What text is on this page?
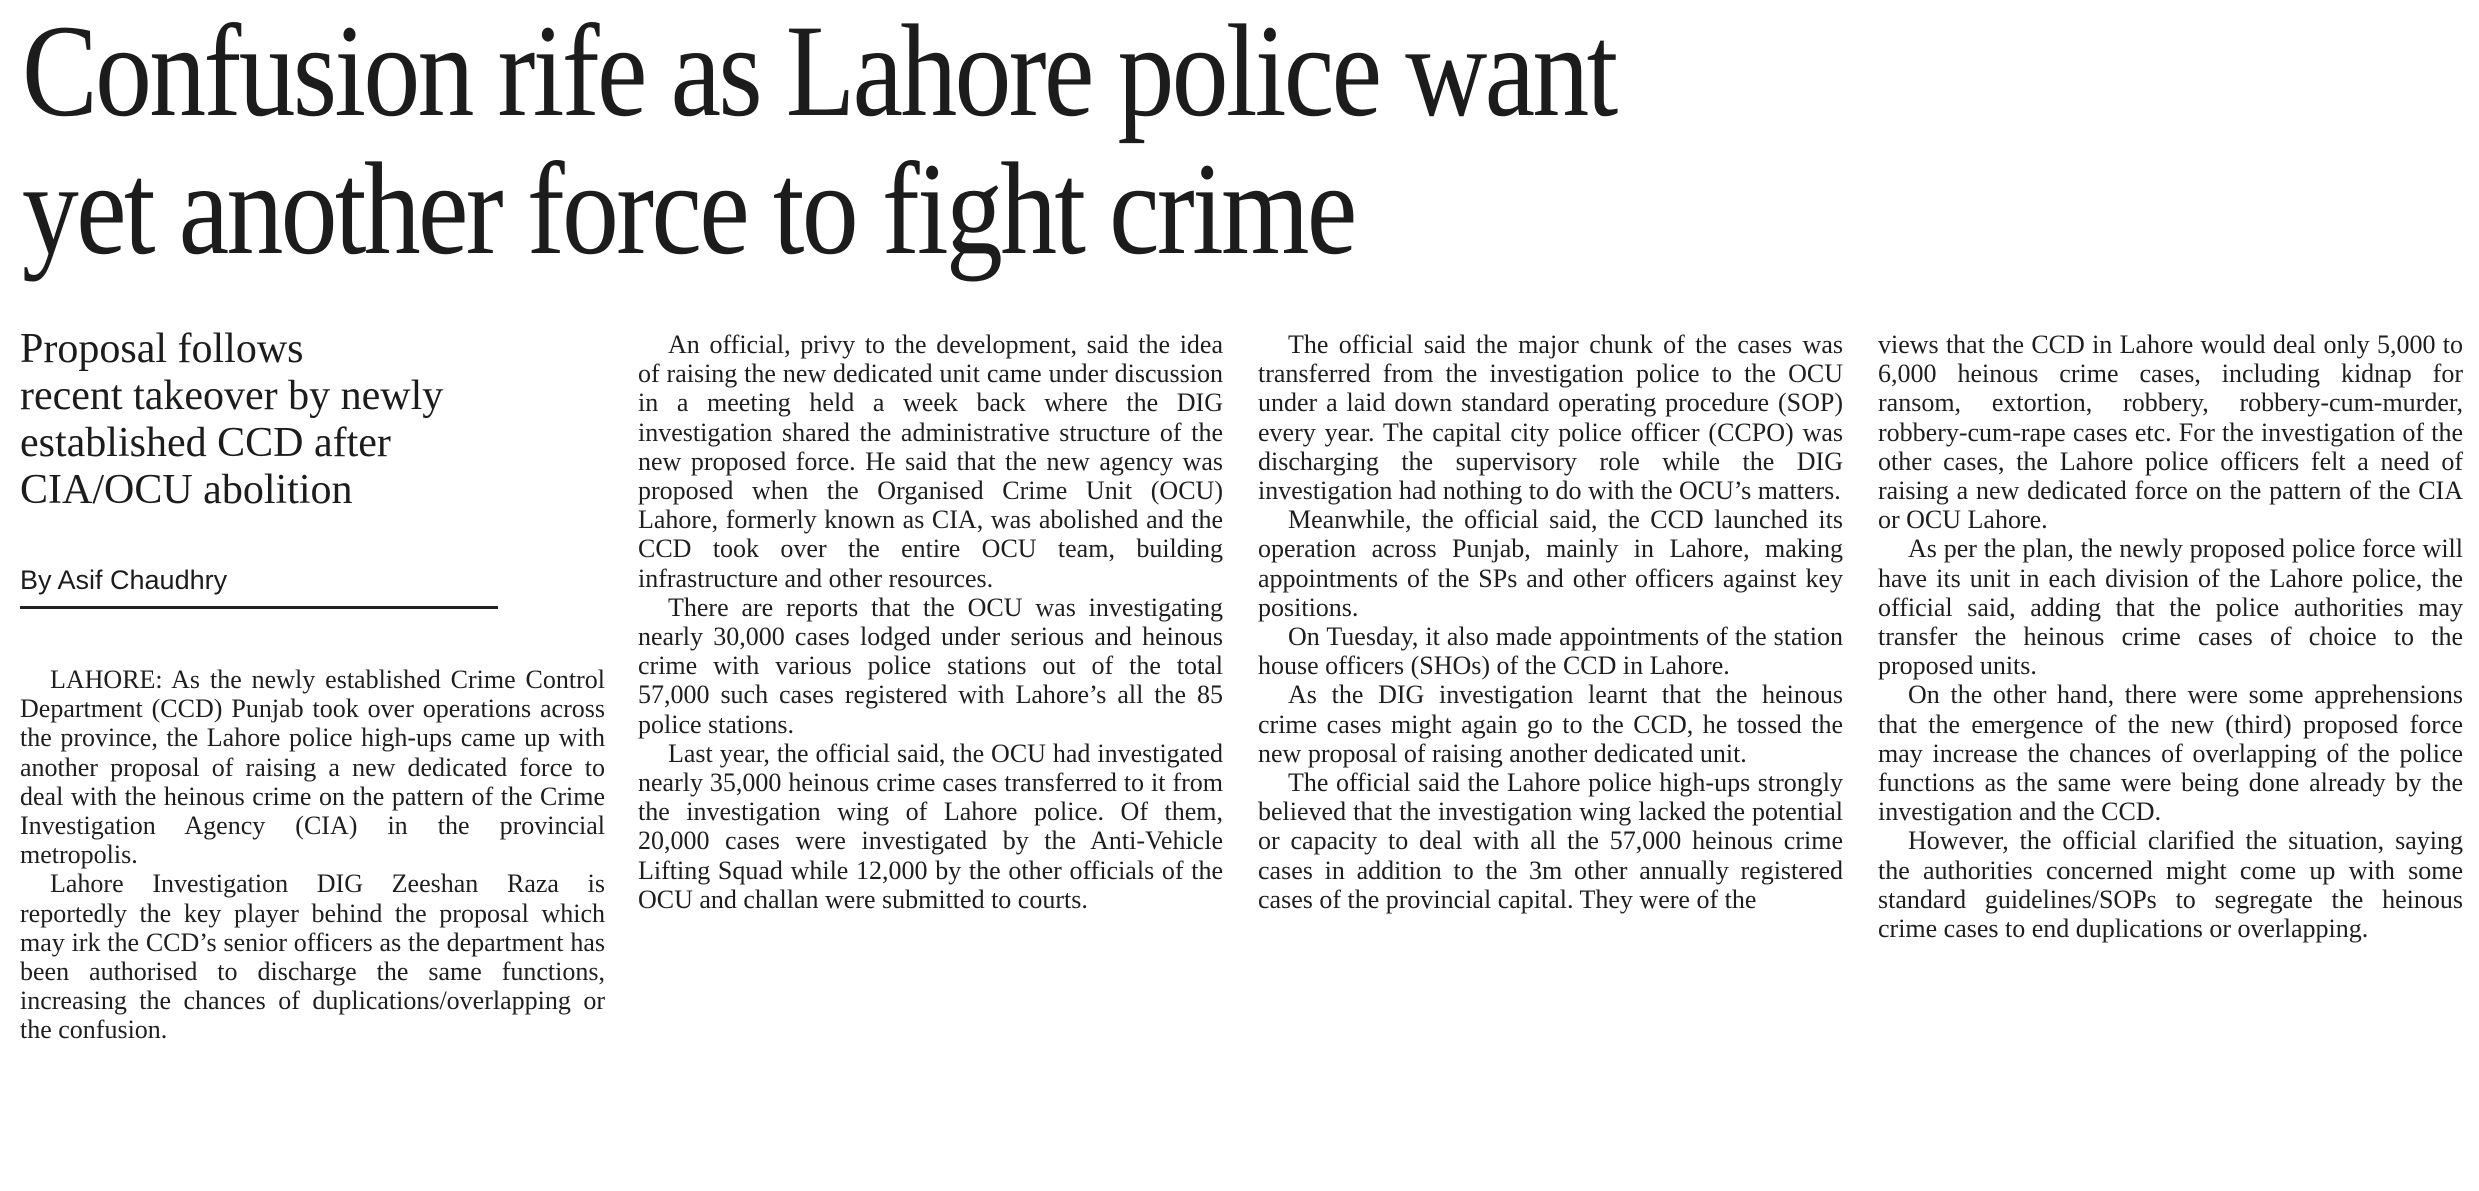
Confusion rife as Lahore police want
yet another force to fight crime
Proposal follows
recent takeover by newly
established CCD after
CIA/OCU abolition
By Asif Chaudhry

LAHORE: As the newly established Crime Control Department (CCD) Punjab took over operations across the province, the Lahore police high-ups came up with another proposal of raising a new dedicated force to deal with the heinous crime on the pattern of the Crime Investigation Agency (CIA) in the provincial metropolis.

Lahore Investigation DIG Zeeshan Raza is reportedly the key player behind the proposal which may irk the CCD’s senior officers as the department has been authorised to discharge the same functions, increasing the chances of duplications/overlapping or the confusion.

An official, privy to the development, said the idea of raising the new dedicated unit came under discussion in a meeting held a week back where the DIG investigation shared the administrative structure of the new proposed force. He said that the new agency was proposed when the Organised Crime Unit (OCU) Lahore, formerly known as CIA, was abolished and the CCD took over the entire OCU team, building infrastructure and other resources.

There are reports that the OCU was investigating nearly 30,000 cases lodged under serious and heinous crime with various police stations out of the total 57,000 such cases registered with Lahore’s all the 85 police stations.

Last year, the official said, the OCU had investigated nearly 35,000 heinous crime cases transferred to it from the investigation wing of Lahore police. Of them, 20,000 cases were investigated by the Anti-Vehicle Lifting Squad while 12,000 by the other officials of the OCU and challan were submitted to courts.

The official said the major chunk of the cases was transferred from the investigation police to the OCU under a laid down standard operating procedure (SOP) every year. The capital city police officer (CCPO) was discharging the supervisory role while the DIG investigation had nothing to do with the OCU’s matters.

Meanwhile, the official said, the CCD launched its operation across Punjab, mainly in Lahore, making appointments of the SPs and other officers against key positions.

On Tuesday, it also made appointments of the station house officers (SHOs) of the CCD in Lahore.

As the DIG investigation learnt that the heinous crime cases might again go to the CCD, he tossed the new proposal of raising another dedicated unit.

The official said the Lahore police high-ups strongly believed that the investigation wing lacked the potential or capacity to deal with all the 57,000 heinous crime cases in addition to the 3m other annually registered cases of the provincial capital. They were of the

views that the CCD in Lahore would deal only 5,000 to 6,000 heinous crime cases, including kidnap for ransom, extortion, robbery, robbery-cum-murder, robbery-cum-rape cases etc. For the investigation of the other cases, the Lahore police officers felt a need of raising a new dedicated force on the pattern of the CIA or OCU Lahore.

As per the plan, the newly proposed police force will have its unit in each division of the Lahore police, the official said, adding that the police authorities may transfer the heinous crime cases of choice to the proposed units.

On the other hand, there were some apprehensions that the emergence of the new (third) proposed force may increase the chances of overlapping of the police functions as the same were being done already by the investigation and the CCD.

However, the official clarified the situation, saying the authorities concerned might come up with some standard guidelines/SOPs to segregate the heinous crime cases to end duplications or overlapping.
